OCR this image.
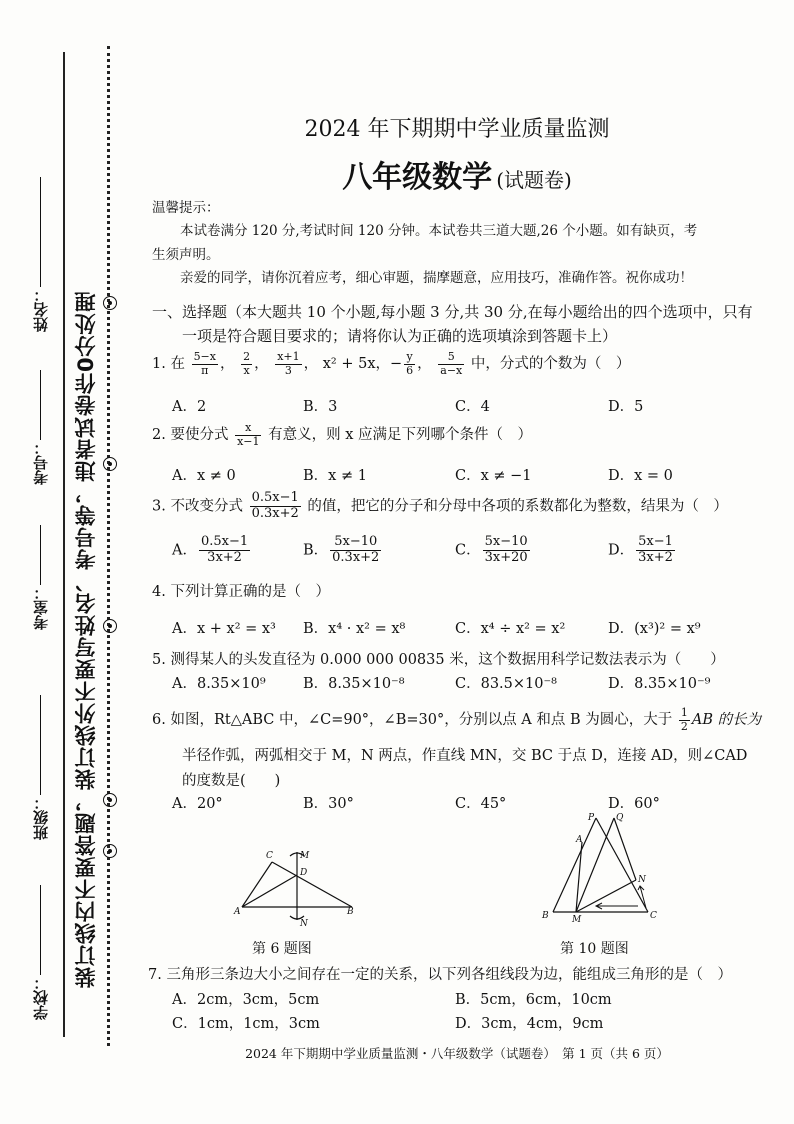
装订线内不要答题，装订线外不要写姓名、考号等，违者试卷作0分处理
姓名：
考号：
考室：
班级：
学校：
2024 年下期期中学业质量监测
八年级数学 (试题卷)
温馨提示：
本试卷满分 120 分,考试时间 120 分钟。本试卷共三道大题,26 个小题。如有缺页，考
生须声明。
亲爱的同学，请你沉着应考，细心审题，揣摩题意，应用技巧，准确作答。祝你成功！
一、选择题（本大题共 10 个小题,每小题 3 分,共 30 分,在每小题给出的四个选项中，只有
一项是符合题目要求的；请将你认为正确的选项填涂到答题卡上）
1. 在 $\frac{5-x}{\pi}$ ， $\frac{2}{x}$ ， $\frac{x+1}{3}$ ， x² + 5x，− $\frac{y}{6}$ ， $\frac{5}{a-x}$ 中，分式的个数为（　）
A．2	B．3	C．4	D．5
2. 要使分式 $\frac{x}{x-1}$ 有意义，则 x 应满足下列哪个条件（　）
A．x ≠ 0	B．x ≠ 1	C．x ≠ −1	D．x = 0
3. 不改变分式 $\frac{0.5x-1}{0.3x+2}$ 的值，把它的分子和分母中各项的系数都化为整数，结果为（　）
A． $\frac{0.5x-1}{3x+2}$	B． $\frac{5x-10}{0.3x+2}$	C． $\frac{5x-10}{3x+20}$	D． $\frac{5x-1}{3x+2}$
4. 下列计算正确的是（　）
A．x + x² = x³ B．x⁴ · x² = x⁸	C．x⁴ ÷ x² = x²	D．(x³)² = x⁹
5. 测得某人的头发直径为 0.000 000 00835 米，这个数据用科学记数法表示为（　　）
A．8.35×10⁹	B．8.35×10⁻⁸	C．83.5×10⁻⁸	D．8.35×10⁻⁹
6. 如图，Rt△ABC 中，∠C=90°，∠B=30°，分别以点 A 和点 B 为圆心，大于 $\frac{1}{2}$ AB 的长为
半径作弧，两弧相交于 M，N 两点，作直线 MN，交 BC 于点 D，连接 AD，则∠CAD
的度数是(　　)
A．20°	B．30°	C．45°	D．60°
C	M
D
A
N
B
第 6 题图
P Q
A
N
B	M	C
第 10 题图
7. 三角形三条边大小之间存在一定的关系，以下列各组线段为边，能组成三角形的是（　）
A．2cm，3cm，5cm	B．5cm，6cm，10cm
C．1cm，1cm，3cm	D．3cm，4cm，9cm
2024 年下期期中学业质量监测・八年级数学（试题卷）　第 1 页（共 6 页）
